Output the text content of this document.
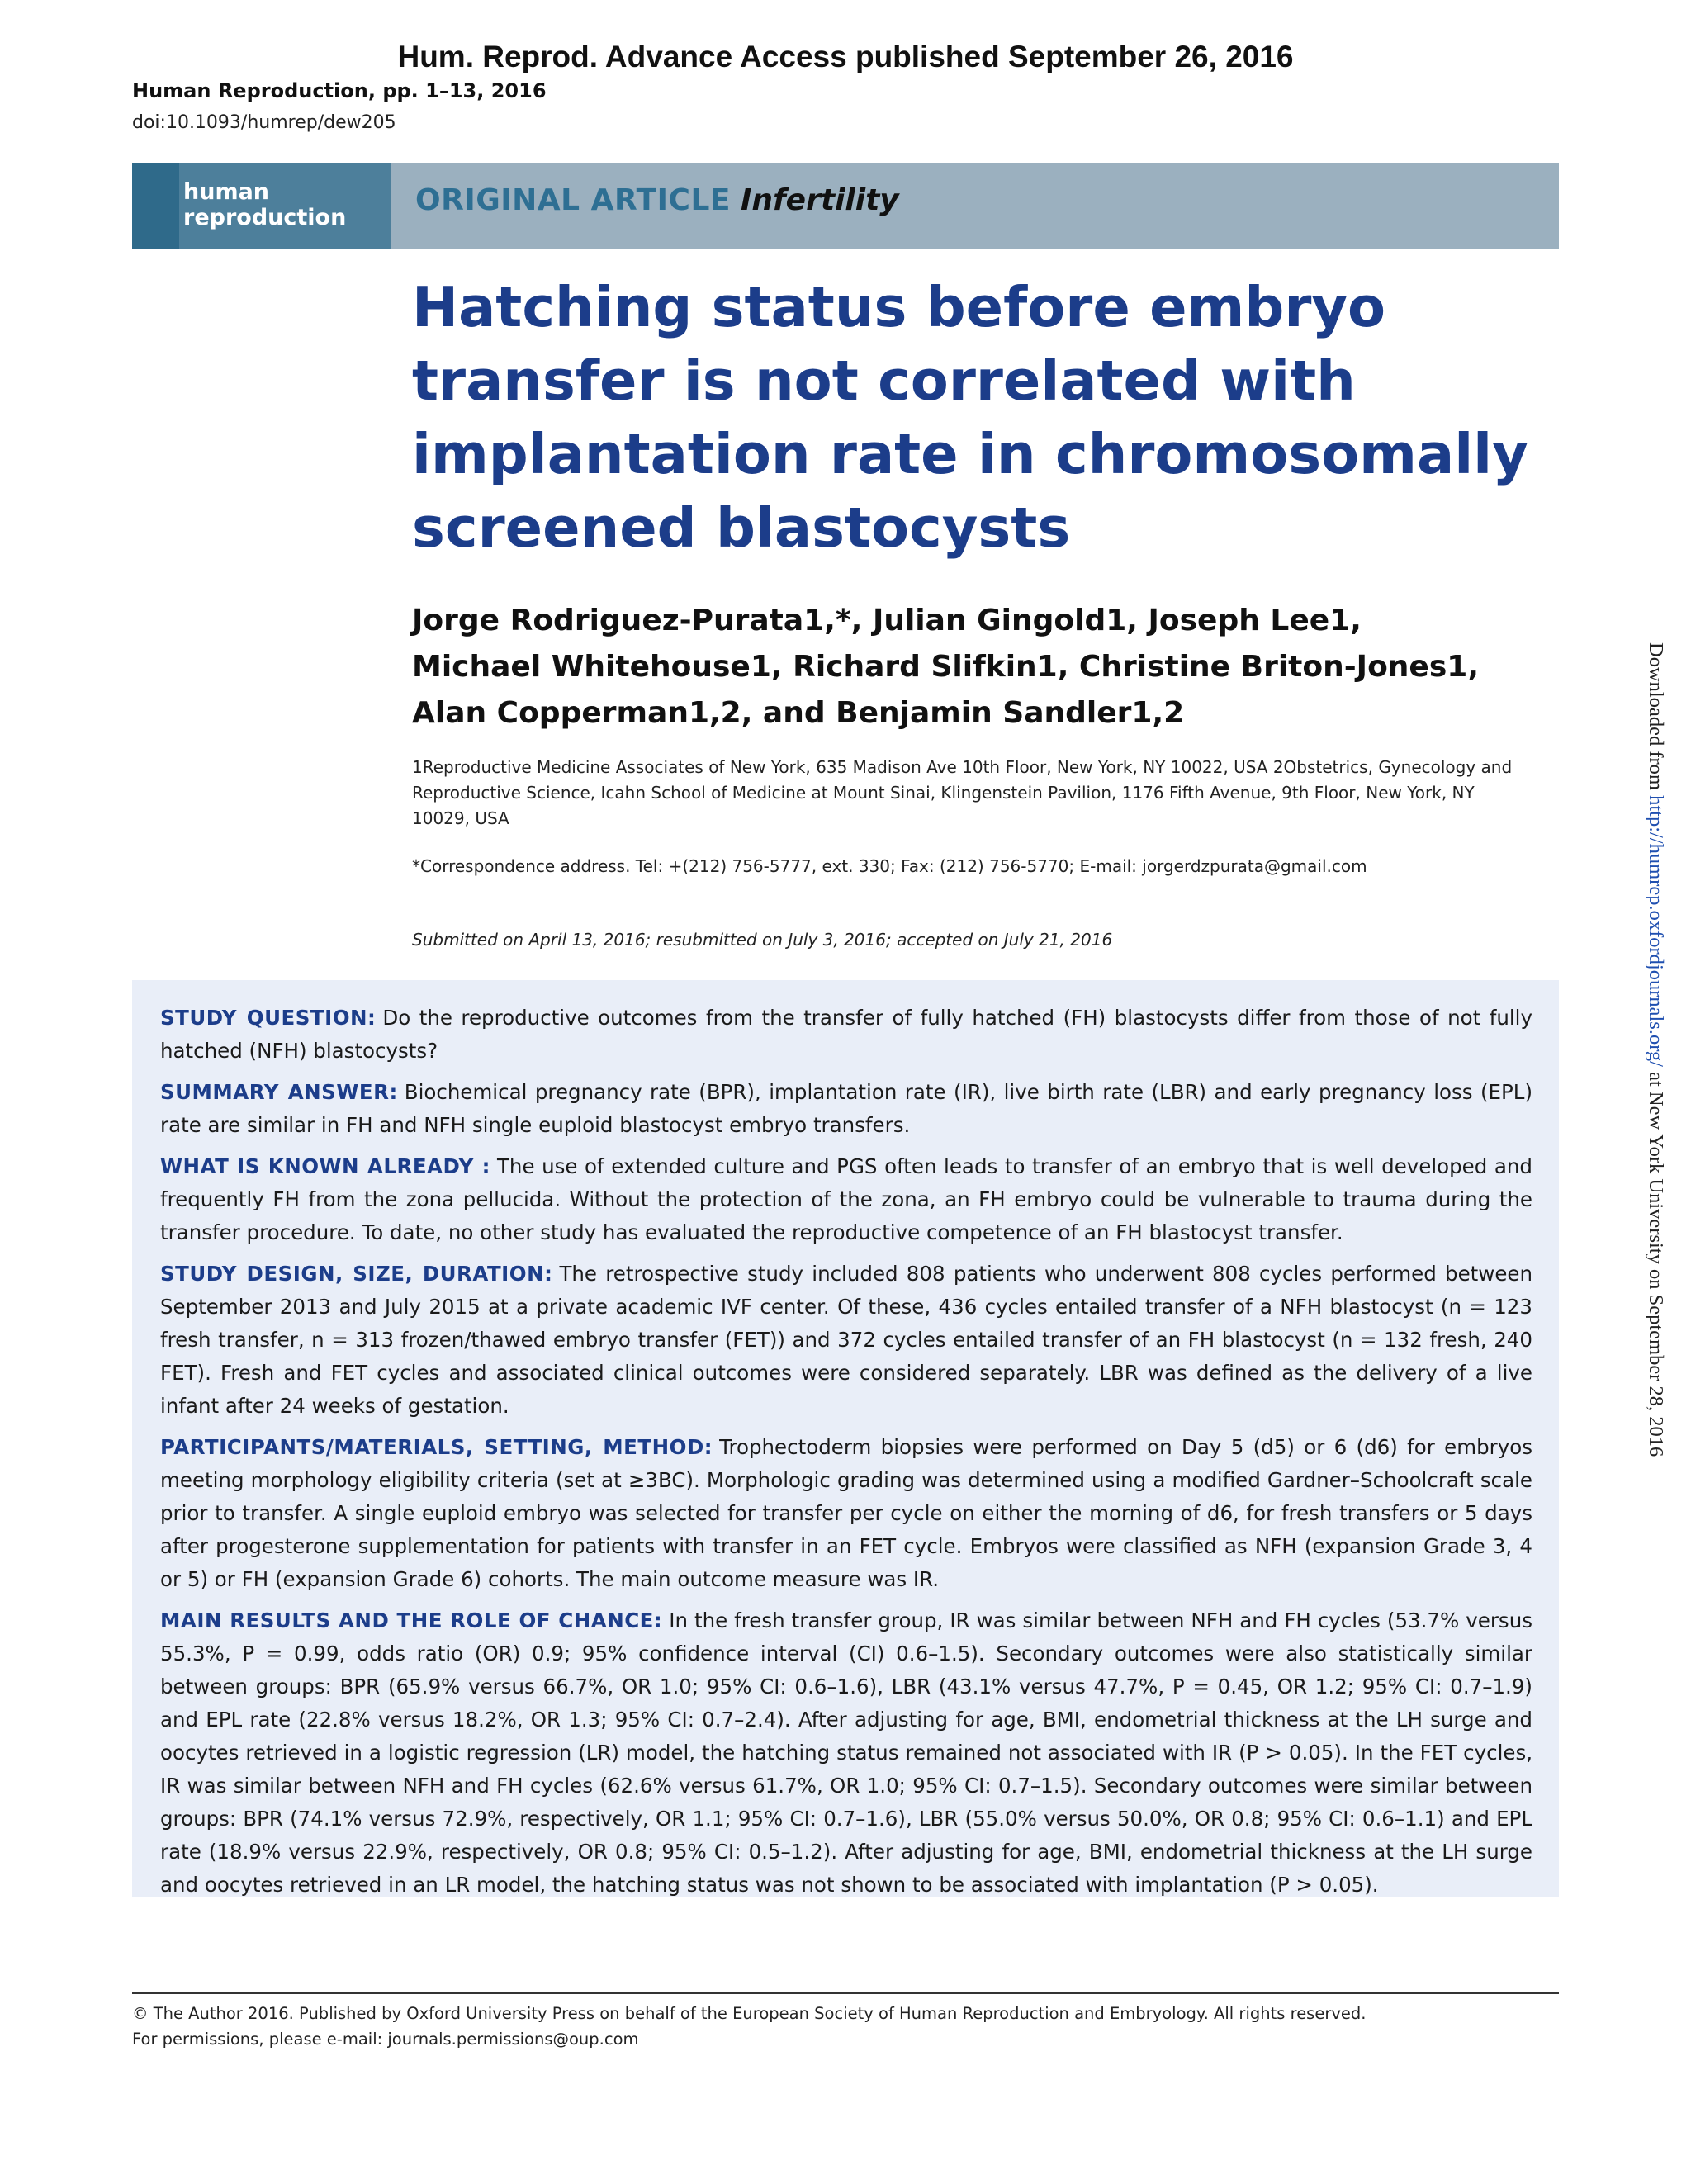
Hum. Reprod. Advance Access published September 26, 2016
Human Reproduction, pp. 1–13, 2016
doi:10.1093/humrep/dew205
human
reproduction
ORIGINAL ARTICLE Infertility
Hatching status before embryo
transfer is not correlated with
implantation rate in chromosomally
screened blastocysts
Jorge Rodriguez-Purata1,*, Julian Gingold1, Joseph Lee1,
Michael Whitehouse1, Richard Slifkin1, Christine Briton-Jones1,
Alan Copperman1,2, and Benjamin Sandler1,2
1Reproductive Medicine Associates of New York, 635 Madison Ave 10th Floor, New York, NY 10022, USA 2Obstetrics, Gynecology and Reproductive Science, Icahn School of Medicine at Mount Sinai, Klingenstein Pavilion, 1176 Fifth Avenue, 9th Floor, New York, NY 10029, USA
*Correspondence address. Tel: +(212) 756-5777, ext. 330; Fax: (212) 756-5770; E-mail: jorgerdzpurata@gmail.com
Submitted on April 13, 2016; resubmitted on July 3, 2016; accepted on July 21, 2016

STUDY QUESTION: Do the reproductive outcomes from the transfer of fully hatched (FH) blastocysts differ from those of not fully hatched (NFH) blastocysts?

SUMMARY ANSWER: Biochemical pregnancy rate (BPR), implantation rate (IR), live birth rate (LBR) and early pregnancy loss (EPL) rate are similar in FH and NFH single euploid blastocyst embryo transfers.

WHAT IS KNOWN ALREADY : The use of extended culture and PGS often leads to transfer of an embryo that is well developed and frequently FH from the zona pellucida. Without the protection of the zona, an FH embryo could be vulnerable to trauma during the transfer procedure. To date, no other study has evaluated the reproductive competence of an FH blastocyst transfer.

STUDY DESIGN, SIZE, DURATION: The retrospective study included 808 patients who underwent 808 cycles performed between September 2013 and July 2015 at a private academic IVF center. Of these, 436 cycles entailed transfer of a NFH blastocyst (n = 123 fresh transfer, n = 313 frozen/thawed embryo transfer (FET)) and 372 cycles entailed transfer of an FH blastocyst (n = 132 fresh, 240 FET). Fresh and FET cycles and associated clinical outcomes were considered separately. LBR was defined as the delivery of a live infant after 24 weeks of gestation.

PARTICIPANTS/MATERIALS, SETTING, METHOD: Trophectoderm biopsies were performed on Day 5 (d5) or 6 (d6) for embryos meeting morphology eligibility criteria (set at ≥3BC). Morphologic grading was determined using a modified Gardner–Schoolcraft scale prior to transfer. A single euploid embryo was selected for transfer per cycle on either the morning of d6, for fresh transfers or 5 days after progesterone supplementation for patients with transfer in an FET cycle. Embryos were classified as NFH (expansion Grade 3, 4 or 5) or FH (expansion Grade 6) cohorts. The main outcome measure was IR.

MAIN RESULTS AND THE ROLE OF CHANCE: In the fresh transfer group, IR was similar between NFH and FH cycles (53.7% versus 55.3%, P = 0.99, odds ratio (OR) 0.9; 95% confidence interval (CI) 0.6–1.5). Secondary outcomes were also statistically similar between groups: BPR (65.9% versus 66.7%, OR 1.0; 95% CI: 0.6–1.6), LBR (43.1% versus 47.7%, P = 0.45, OR 1.2; 95% CI: 0.7–1.9) and EPL rate (22.8% versus 18.2%, OR 1.3; 95% CI: 0.7–2.4). After adjusting for age, BMI, endometrial thickness at the LH surge and oocytes retrieved in a logistic regression (LR) model, the hatching status remained not associated with IR (P > 0.05). In the FET cycles, IR was similar between NFH and FH cycles (62.6% versus 61.7%, OR 1.0; 95% CI: 0.7–1.5). Secondary outcomes were similar between groups: BPR (74.1% versus 72.9%, respectively, OR 1.1; 95% CI: 0.7–1.6), LBR (55.0% versus 50.0%, OR 0.8; 95% CI: 0.6–1.1) and EPL rate (18.9% versus 22.9%, respectively, OR 0.8; 95% CI: 0.5–1.2). After adjusting for age, BMI, endometrial thickness at the LH surge and oocytes retrieved in an LR model, the hatching status was not shown to be associated with implantation (P > 0.05).

© The Author 2016. Published by Oxford University Press on behalf of the European Society of Human Reproduction and Embryology. All rights reserved.
For permissions, please e-mail: journals.permissions@oup.com
Downloaded from http://humrep.oxfordjournals.org/ at New York University on September 28, 2016
